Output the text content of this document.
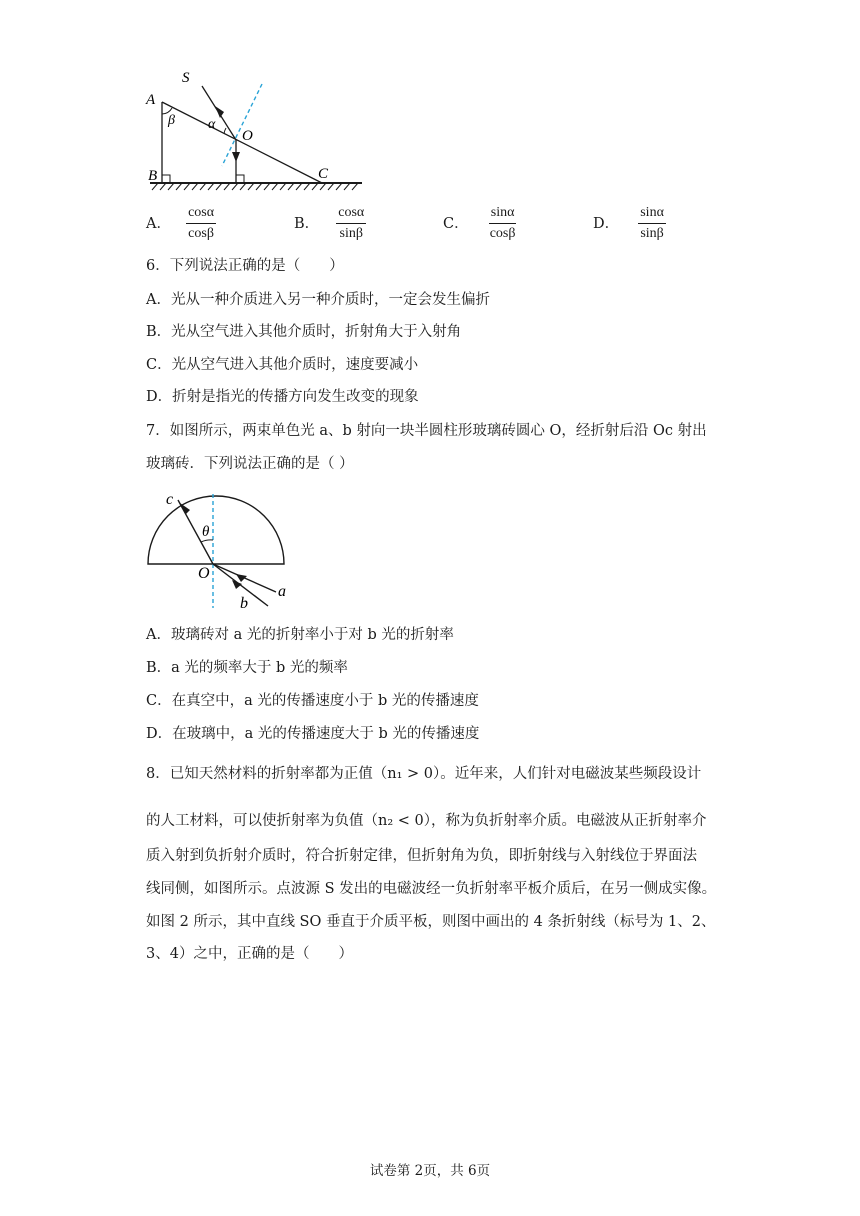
S
A
B	C
O
α
β
A． $\frac{\cos\alpha}{\cos\beta}$	B． $\frac{\cos\alpha}{\sin\beta}$	C． $\frac{\sin\alpha}{\cos\beta}$	D． $\frac{\sin\alpha}{\sin\beta}$
6．下列说法正确的是（　　）
A．光从一种介质进入另一种介质时，一定会发生偏折
B．光从空气进入其他介质时，折射角大于入射角
C．光从空气进入其他介质时，速度要减小
D．折射是指光的传播方向发生改变的现象
7．如图所示，两束单色光 a、b 射向一块半圆柱形玻璃砖圆心 O，经折射后沿 Oc 射出
玻璃砖．下列说法正确的是（ ）
c
θ
O
a
b
A．玻璃砖对 a 光的折射率小于对 b 光的折射率
B．a 光的频率大于 b 光的频率
C．在真空中，a 光的传播速度小于 b 光的传播速度
D．在玻璃中，a 光的传播速度大于 b 光的传播速度
8．已知天然材料的折射率都为正值（n₁ > 0）。近年来，人们针对电磁波某些频段设计
的人工材料，可以使折射率为负值（n₂ < 0），称为负折射率介质。电磁波从正折射率介
质入射到负折射介质时，符合折射定律，但折射角为负，即折射线与入射线位于界面法
线同侧，如图所示。点波源 S 发出的电磁波经一负折射率平板介质后，在另一侧成实像。
如图 2 所示，其中直线 SO 垂直于介质平板，则图中画出的 4 条折射线（标号为 1、2、
3、4）之中，正确的是（　　）
试卷第 2页，共 6页
